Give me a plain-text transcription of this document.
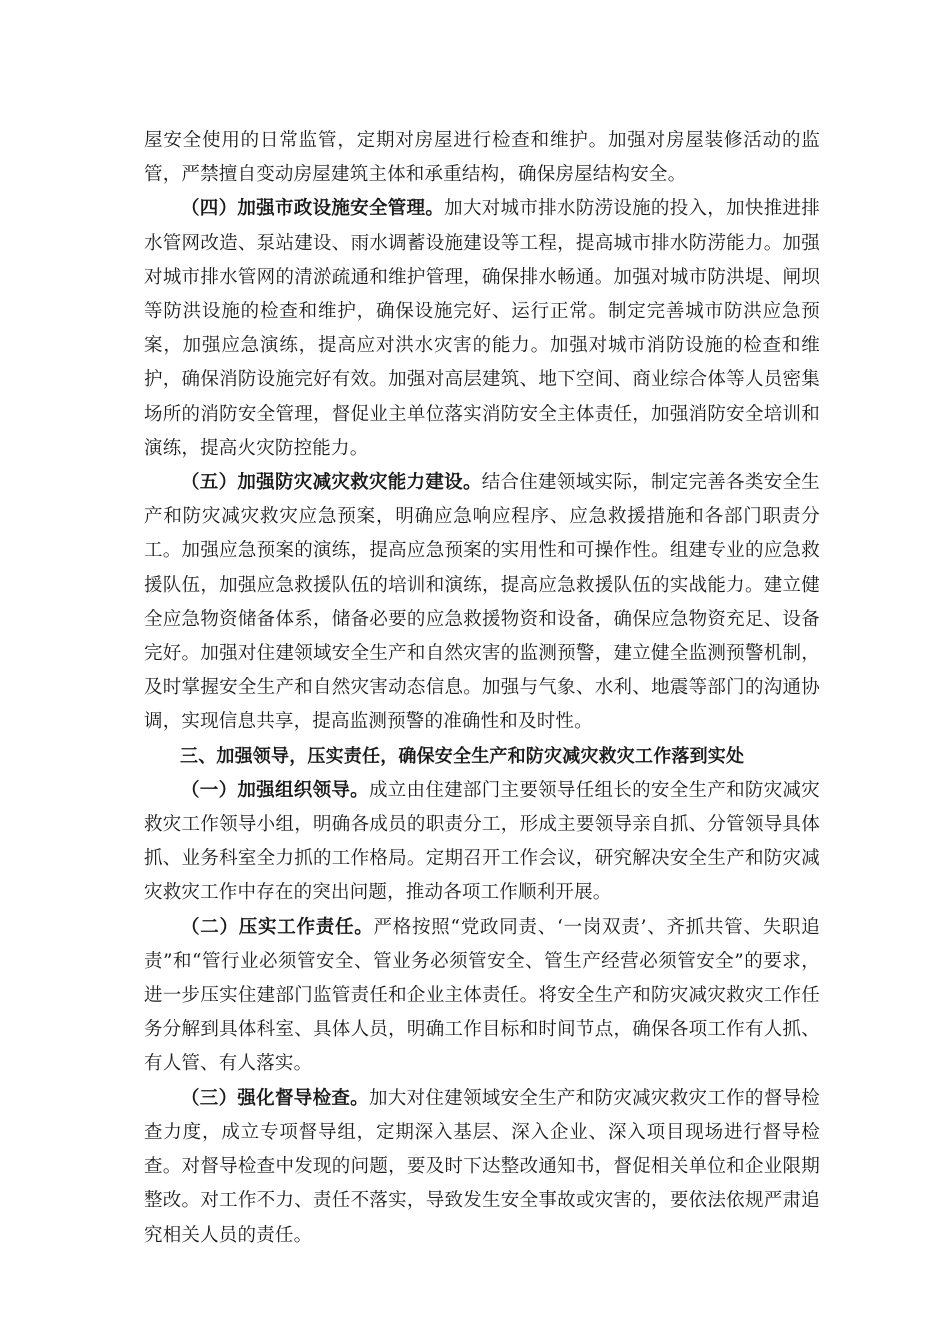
屋安全使用的日常监管，定期对房屋进行检查和维护。加强对房屋装修活动的监管，严禁擅自变动房屋建筑主体和承重结构，确保房屋结构安全。

（四）加强市政设施安全管理。加大对城市排水防涝设施的投入，加快推进排水管网改造、泵站建设、雨水调蓄设施建设等工程，提高城市排水防涝能力。加强对城市排水管网的清淤疏通和维护管理，确保排水畅通。加强对城市防洪堤、闸坝等防洪设施的检查和维护，确保设施完好、运行正常。制定完善城市防洪应急预案，加强应急演练，提高应对洪水灾害的能力。加强对城市消防设施的检查和维护，确保消防设施完好有效。加强对高层建筑、地下空间、商业综合体等人员密集场所的消防安全管理，督促业主单位落实消防安全主体责任，加强消防安全培训和演练，提高火灾防控能力。

（五）加强防灾减灾救灾能力建设。结合住建领域实际，制定完善各类安全生产和防灾减灾救灾应急预案，明确应急响应程序、应急救援措施和各部门职责分工。加强应急预案的演练，提高应急预案的实用性和可操作性。组建专业的应急救援队伍，加强应急救援队伍的培训和演练，提高应急救援队伍的实战能力。建立健全应急物资储备体系，储备必要的应急救援物资和设备，确保应急物资充足、设备完好。加强对住建领域安全生产和自然灾害的监测预警，建立健全监测预警机制，及时掌握安全生产和自然灾害动态信息。加强与气象、水利、地震等部门的沟通协调，实现信息共享，提高监测预警的准确性和及时性。

三、加强领导，压实责任，确保安全生产和防灾减灾救灾工作落到实处

（一）加强组织领导。成立由住建部门主要领导任组长的安全生产和防灾减灾救灾工作领导小组，明确各成员的职责分工，形成主要领导亲自抓、分管领导具体抓、业务科室全力抓的工作格局。定期召开工作会议，研究解决安全生产和防灾减灾救灾工作中存在的突出问题，推动各项工作顺利开展。

（二）压实工作责任。严格按照“党政同责、‘一岗双责’、齐抓共管、失职追责”和“管行业必须管安全、管业务必须管安全、管生产经营必须管安全”的要求，进一步压实住建部门监管责任和企业主体责任。将安全生产和防灾减灾救灾工作任务分解到具体科室、具体人员，明确工作目标和时间节点，确保各项工作有人抓、有人管、有人落实。

（三）强化督导检查。加大对住建领域安全生产和防灾减灾救灾工作的督导检查力度，成立专项督导组，定期深入基层、深入企业、深入项目现场进行督导检查。对督导检查中发现的问题，要及时下达整改通知书，督促相关单位和企业限期整改。对工作不力、责任不落实，导致发生安全事故或灾害的，要依法依规严肃追究相关人员的责任。
